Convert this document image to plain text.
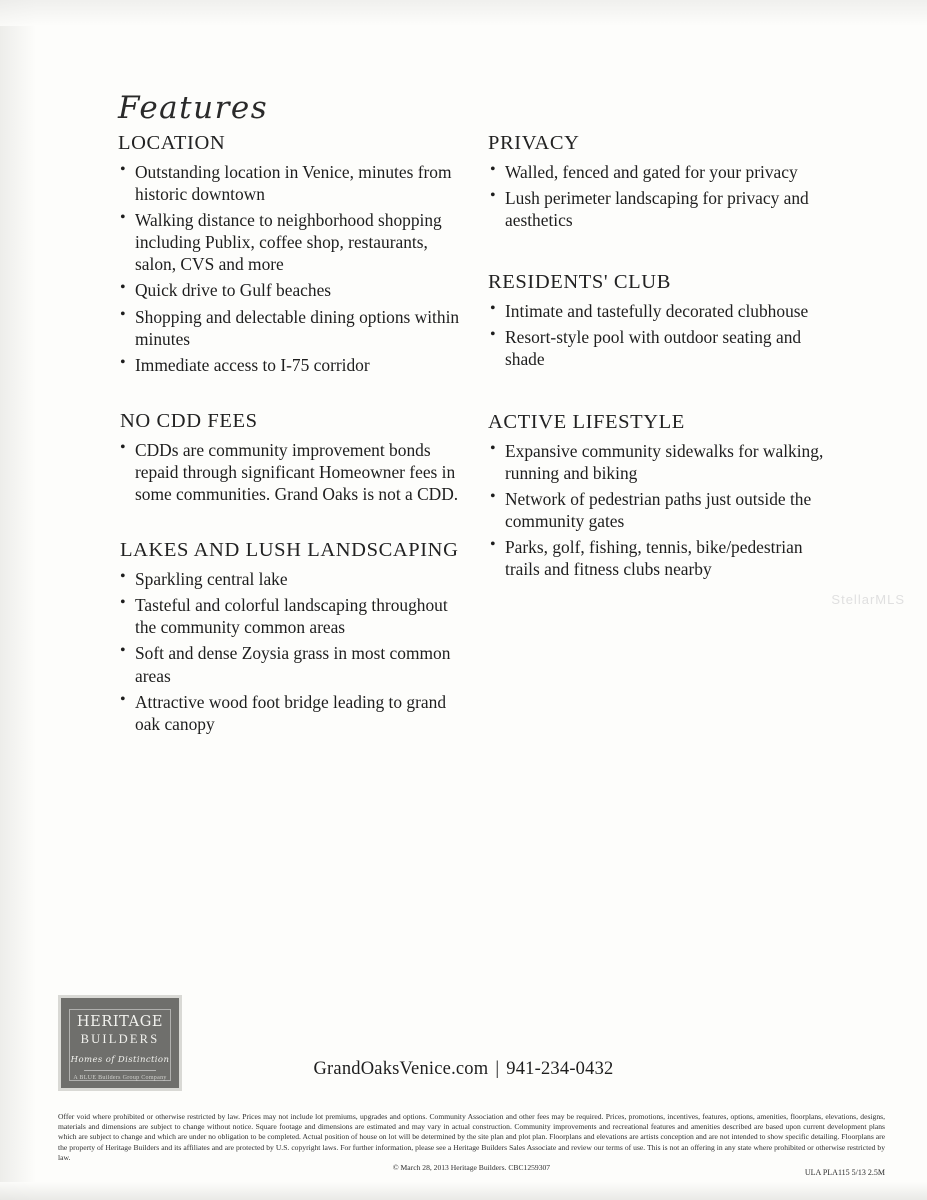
Features
LOCATION
• Outstanding location in Venice, minutes from historic downtown
• Walking distance to neighborhood shopping including Publix, coffee shop, restaurants, salon, CVS and more
• Quick drive to Gulf beaches
• Shopping and delectable dining options within minutes
• Immediate access to I-75 corridor
NO CDD FEES
• CDDs are community improvement bonds repaid through significant Homeowner fees in some communities. Grand Oaks is not a CDD.
LAKES AND LUSH LANDSCAPING
• Sparkling central lake
• Tasteful and colorful landscaping throughout the community common areas
• Soft and dense Zoysia grass in most common areas
• Attractive wood foot bridge leading to grand oak canopy
PRIVACY
• Walled, fenced and gated for your privacy
• Lush perimeter landscaping for privacy and aesthetics
RESIDENTS' CLUB
• Intimate and tastefully decorated clubhouse
• Resort-style pool with outdoor seating and shade
ACTIVE LIFESTYLE
• Expansive community sidewalks for walking, running and biking
• Network of pedestrian paths just outside the community gates
• Parks, golf, fishing, tennis, bike/pedestrian trails and fitness clubs nearby
StellarMLS
HERITAGE
BUILDERS
Homes of Distinction
A BLUE Builders Group Company	GrandOaksVenice.com | 941-234-0432
Offer void where prohibited or otherwise restricted by law. Prices may not include lot premiums, upgrades and options. Community Association and other fees may be required. Prices, promotions, incentives, features, options, amenities, floorplans, elevations, designs, materials and dimensions are subject to change without notice. Square footage and dimensions are estimated and may vary in actual construction. Community improvements and recreational features and amenities described are based upon current development plans which are subject to change and which are under no obligation to be completed. Actual position of house on lot will be determined by the site plan and plot plan. Floorplans and elevations are artists conception and are not intended to show specific detailing. Floorplans are the property of Heritage Builders and its affiliates and are protected by U.S. copyright laws. For further information, please see a Heritage Builders Sales Associate and review our terms of use. This is not an offering in any state where prohibited or otherwise restricted by law.
© March 28, 2013 Heritage Builders. CBC1259307
ULA PLA115 5/13 2.5M
